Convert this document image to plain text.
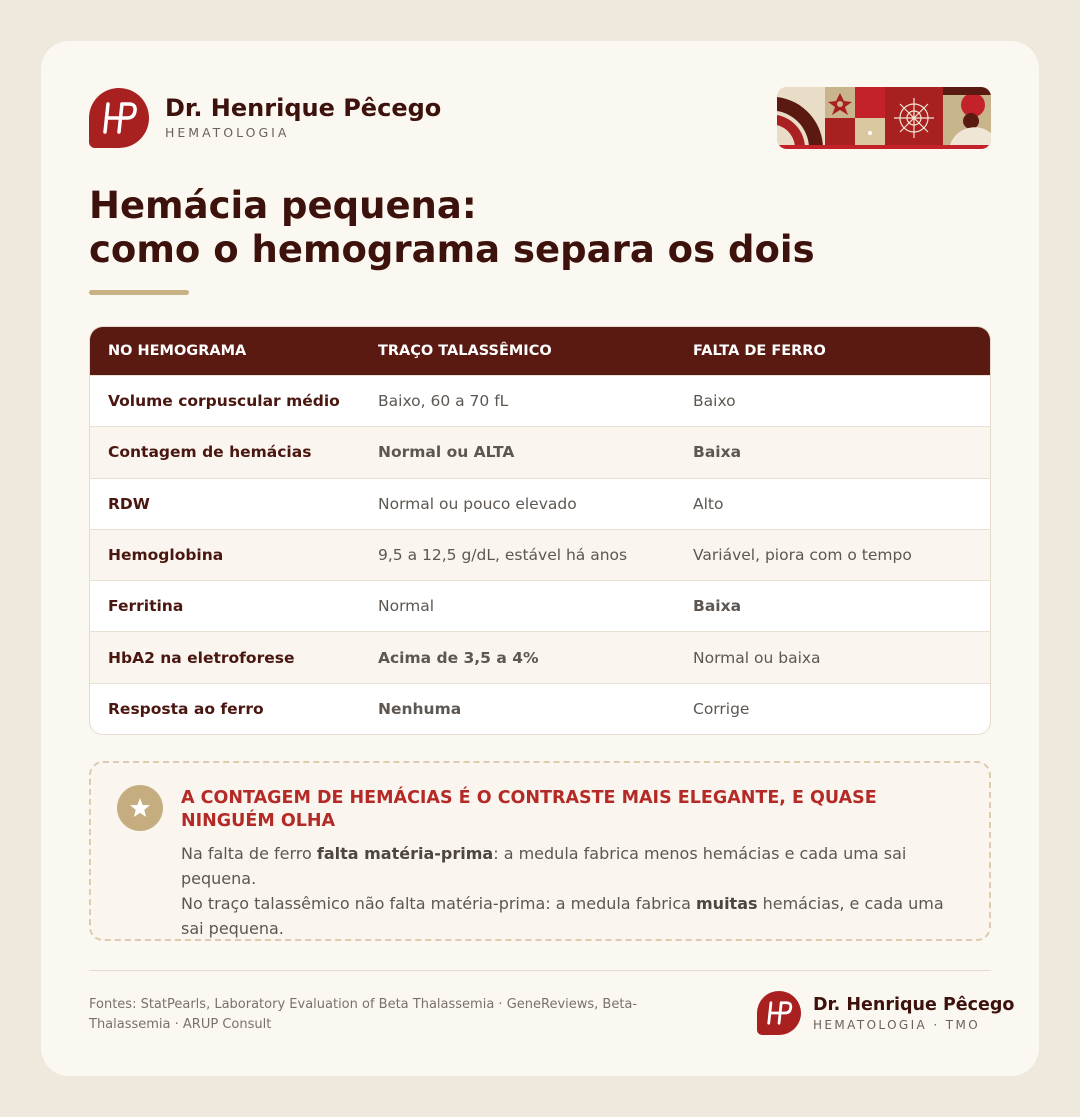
Dr. Henrique Pêcego
HEMATOLOGIA
Hemácia pequena:
como o hemograma separa os dois
NO HEMOGRAMA	TRAÇO TALASSÊMICO	FALTA DE FERRO
Volume corpuscular médio	Baixo, 60 a 70 fL	Baixo
Contagem de hemácias	Normal ou ALTA	Baixa
RDW	Normal ou pouco elevado	Alto
Hemoglobina	9,5 a 12,5 g/dL, estável há anos	Variável, piora com o tempo
Ferritina	Normal	Baixa
HbA2 na eletroforese	Acima de 3,5 a 4%	Normal ou baixa
Resposta ao ferro	Nenhuma	Corrige
A CONTAGEM DE HEMÁCIAS É O CONTRASTE MAIS ELEGANTE, E QUASE NINGUÉM OLHA
Na falta de ferro falta matéria-prima: a medula fabrica menos hemácias e cada uma sai pequena.
No traço talassêmico não falta matéria-prima: a medula fabrica muitas hemácias, e cada uma sai pequena.
Fontes: StatPearls, Laboratory Evaluation of Beta Thalassemia · GeneReviews, Beta-Thalassemia · ARUP Consult
Dr. Henrique Pêcego
HEMATOLOGIA · TMO
